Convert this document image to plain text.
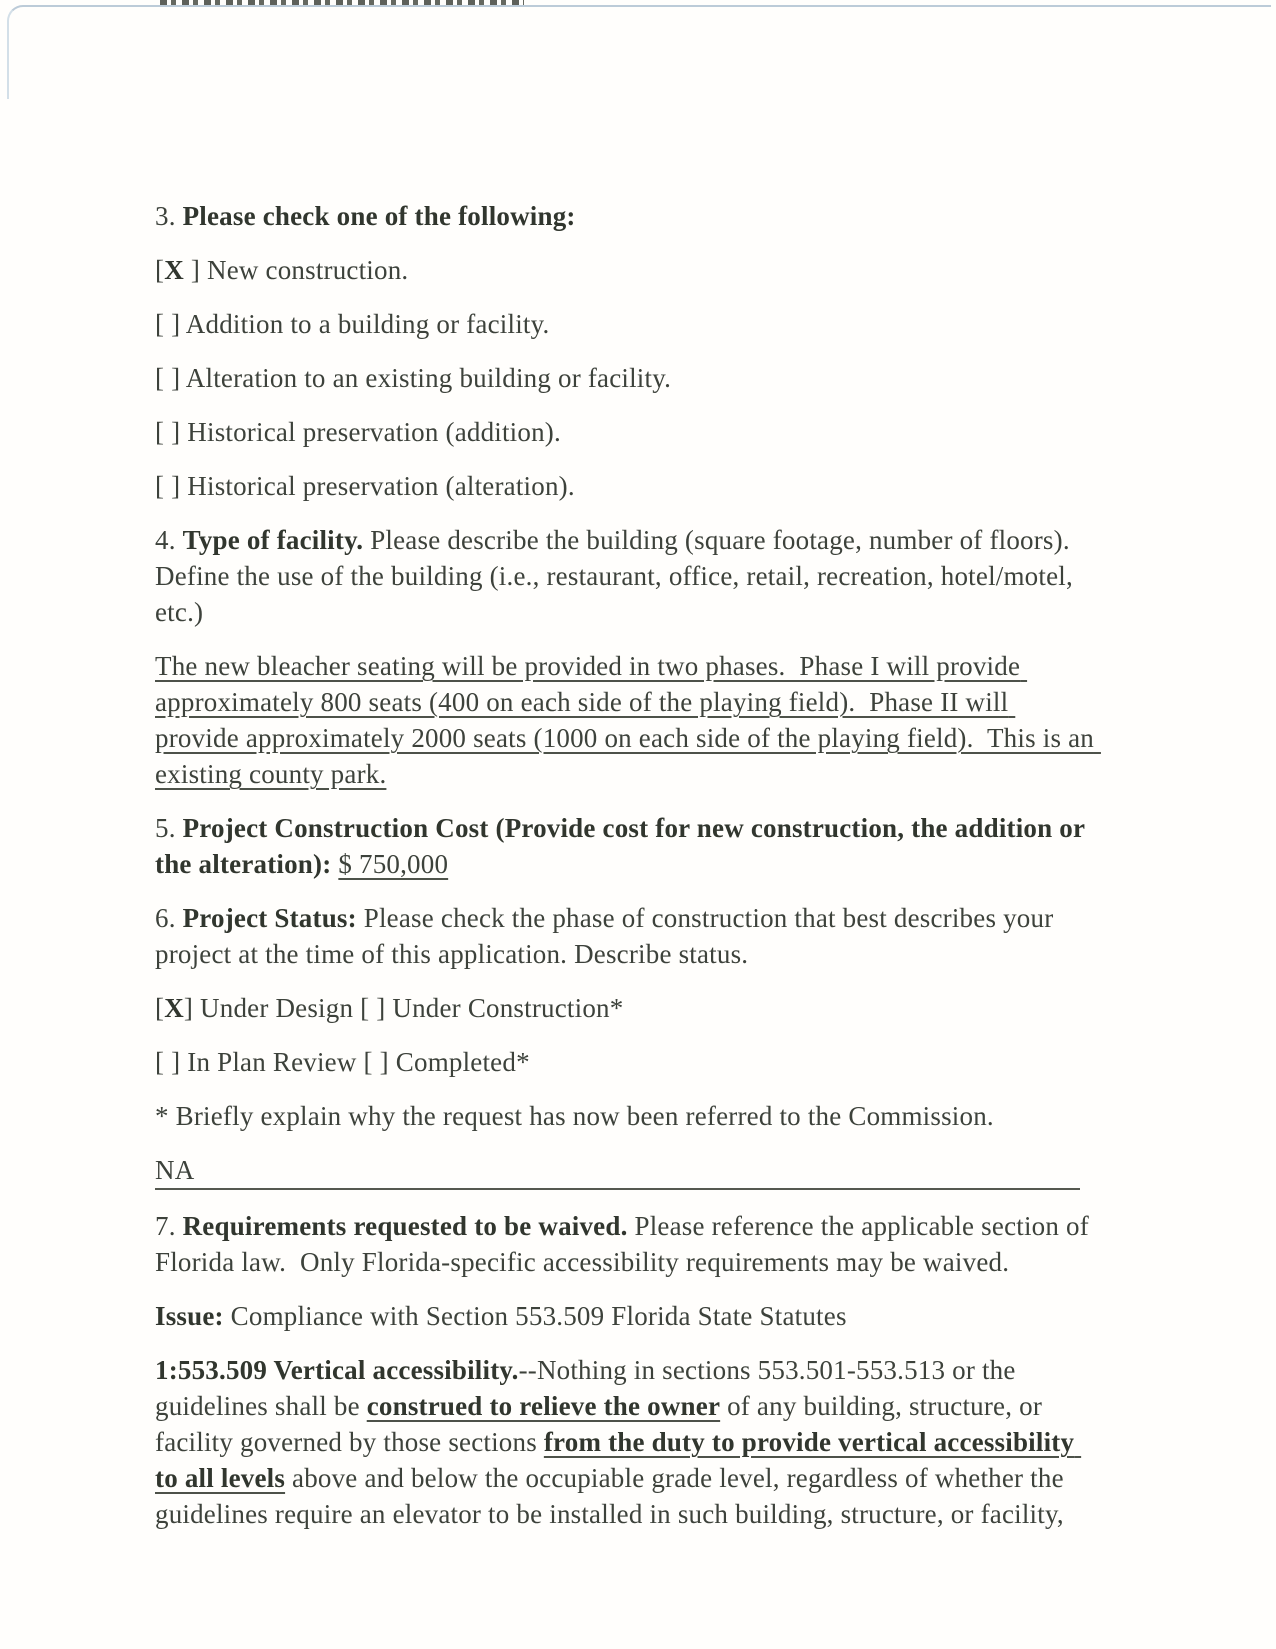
3. Please check one of the following:

[X ] New construction.

[ ] Addition to a building or facility.

[ ] Alteration to an existing building or facility.

[ ] Historical preservation (addition).

[ ] Historical preservation (alteration).

4. Type of facility. Please describe the building (square footage, number of floors). Define the use of the building (i.e., restaurant, office, retail, recreation, hotel/motel, etc.)

The new bleacher seating will be provided in two phases.  Phase I will provide approximately 800 seats (400 on each side of the playing field).  Phase II will provide approximately 2000 seats (1000 on each side of the playing field).  This is an existing county park.

5. Project Construction Cost (Provide cost for new construction, the addition or the alteration): $ 750,000

6. Project Status: Please check the phase of construction that best describes your project at the time of this application. Describe status.

[X] Under Design [ ] Under Construction*

[ ] In Plan Review [ ] Completed*

* Briefly explain why the request has now been referred to the Commission.

NA

7. Requirements requested to be waived. Please reference the applicable section of Florida law.  Only Florida-specific accessibility requirements may be waived.

Issue: Compliance with Section 553.509 Florida State Statutes

1:553.509 Vertical accessibility.--Nothing in sections 553.501-553.513 or the guidelines shall be construed to relieve the owner of any building, structure, or facility governed by those sections from the duty to provide vertical accessibility to all levels above and below the occupiable grade level, regardless of whether the guidelines require an elevator to be installed in such building, structure, or facility,
